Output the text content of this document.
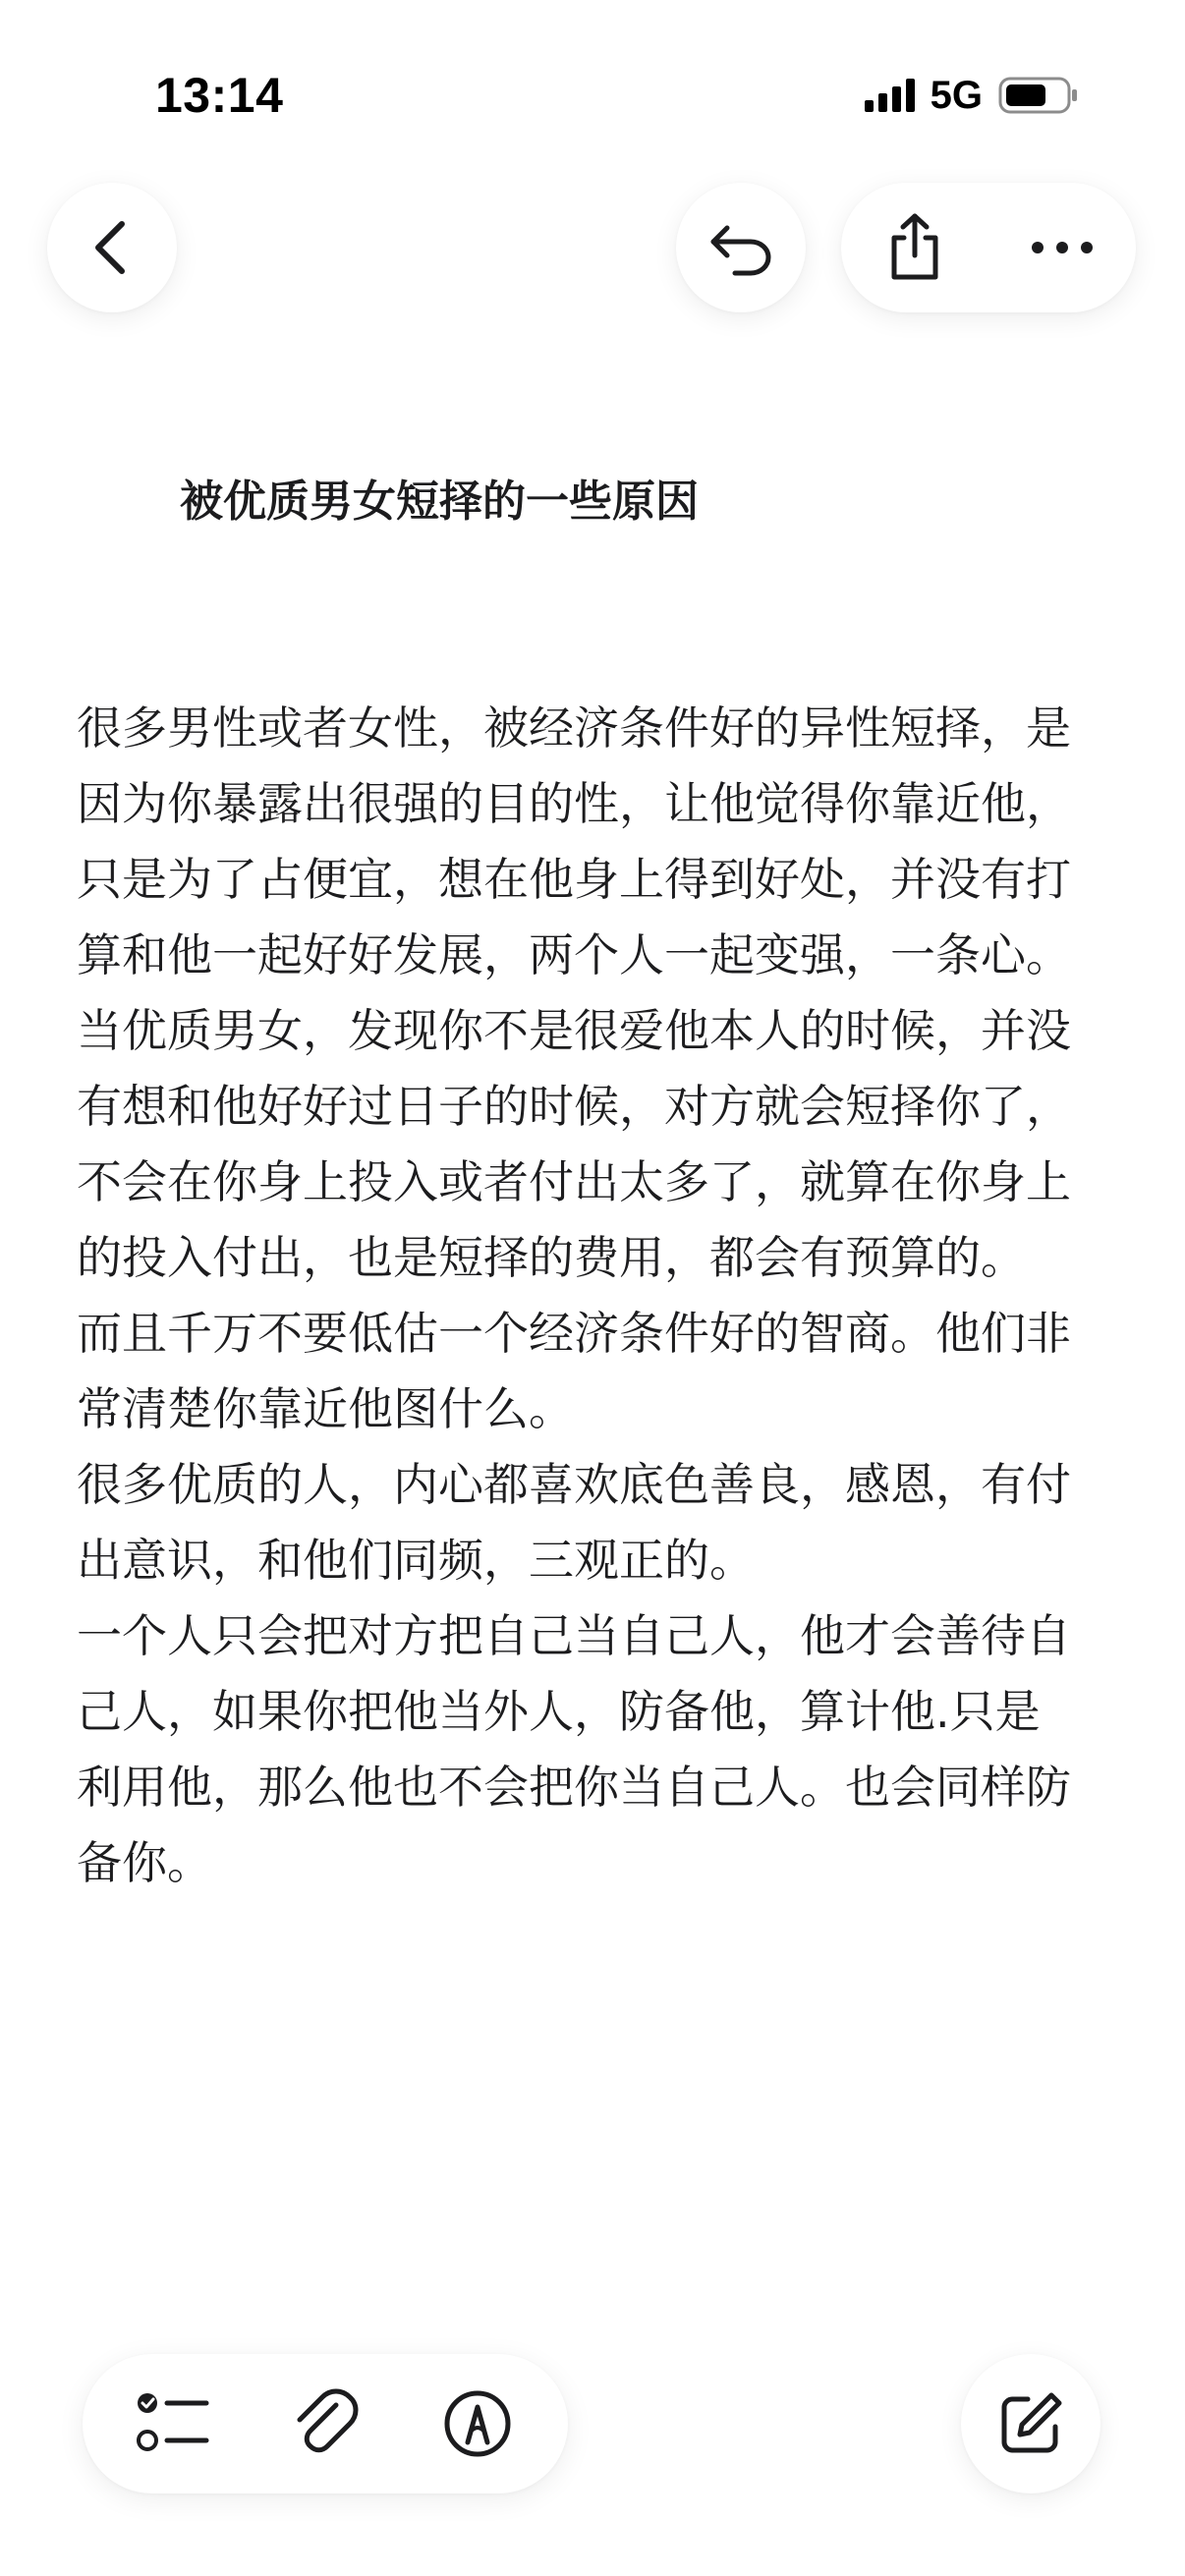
13:14	5G
被优质男女短择的一些原因

很多男性或者女性，被经济条件好的异性短择，是因为你暴露出很强的目的性，让他觉得你靠近他，只是为了占便宜，想在他身上得到好处，并没有打算和他一起好好发展，两个人一起变强，一条心。当优质男女，发现你不是很爱他本人的时候，并没有想和他好好过日子的时候，对方就会短择你了，不会在你身上投入或者付出太多了，就算在你身上的投入付出，也是短择的费用，都会有预算的。

而且千万不要低估一个经济条件好的智商。他们非常清楚你靠近他图什么。

很多优质的人，内心都喜欢底色善良，感恩，有付出意识，和他们同频，三观正的。

一个人只会把对方把自己当自己人，他才会善待自己人，如果你把他当外人，防备他，算计他.只是利用他，那么他也不会把你当自己人。也会同样防备你。
